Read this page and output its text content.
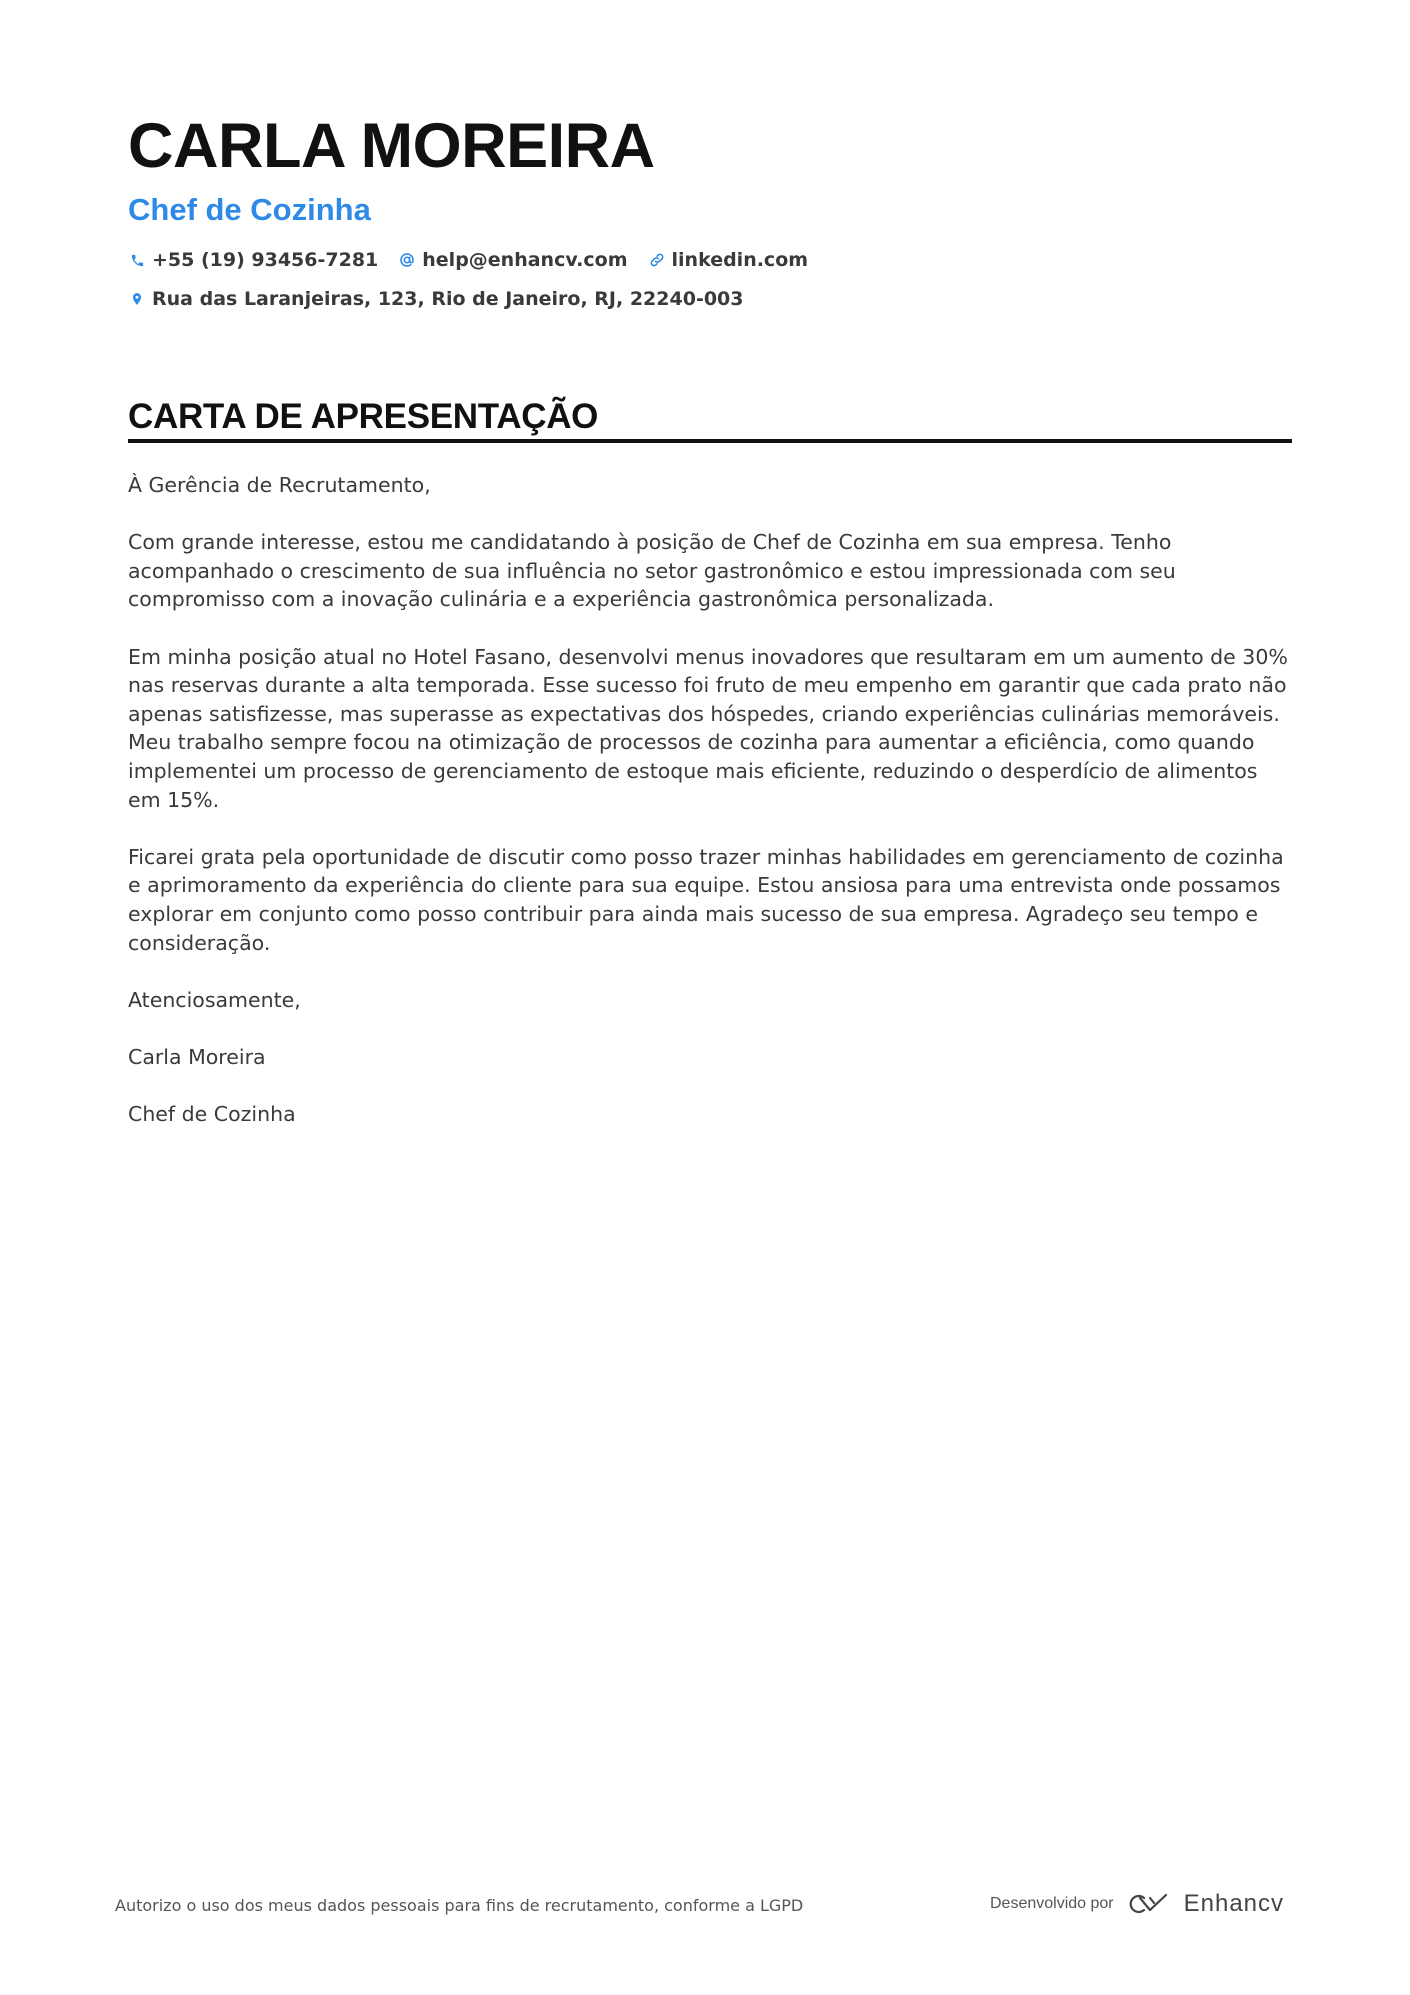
CARLA MOREIRA
Chef de Cozinha
+55 (19) 93456-7281 help@enhancv.com linkedin.com
Rua das Laranjeiras, 123, Rio de Janeiro, RJ, 22240-003
CARTA DE APRESENTAÇÃO

À Gerência de Recrutamento,

Com grande interesse, estou me candidatando à posição de Chef de Cozinha em sua empresa. Tenho acompanhado o crescimento de sua influência no setor gastronômico e estou impressionada com seu compromisso com a inovação culinária e a experiência gastronômica personalizada.

Em minha posição atual no Hotel Fasano, desenvolvi menus inovadores que resultaram em um aumento de 30% nas reservas durante a alta temporada. Esse sucesso foi fruto de meu empenho em garantir que cada prato não apenas satisfizesse, mas superasse as expectativas dos hóspedes, criando experiências culinárias memoráveis. Meu trabalho sempre focou na otimização de processos de cozinha para aumentar a eficiência, como quando implementei um processo de gerenciamento de estoque mais eficiente, reduzindo o desperdício de alimentos em 15%.

Ficarei grata pela oportunidade de discutir como posso trazer minhas habilidades em gerenciamento de cozinha e aprimoramento da experiência do cliente para sua equipe. Estou ansiosa para uma entrevista onde possamos explorar em conjunto como posso contribuir para ainda mais sucesso de sua empresa. Agradeço seu tempo e consideração.

Atenciosamente,

Carla Moreira

Chef de Cozinha

Autorizo o uso dos meus dados pessoais para fins de recrutamento, conforme a LGPD	Desenvolvido por	Enhancv
